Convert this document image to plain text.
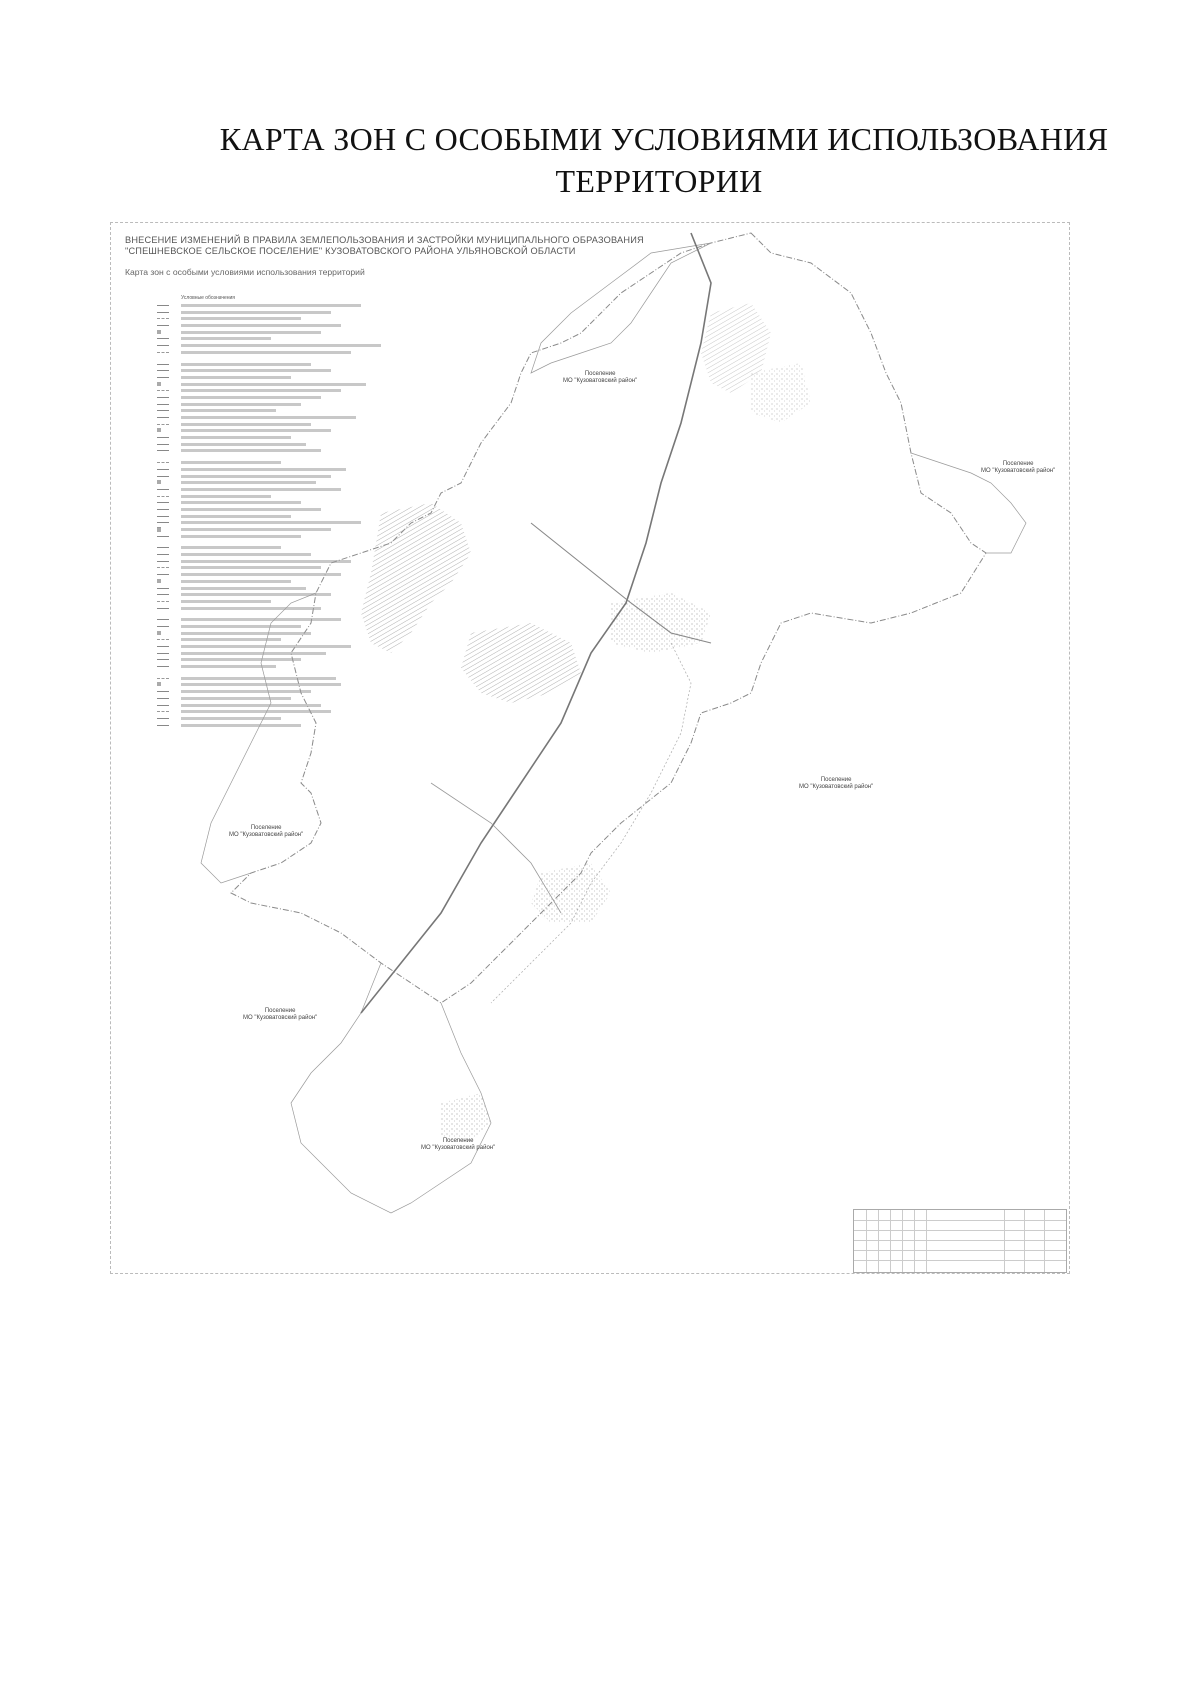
КАРТА ЗОН С ОСОБЫМИ УСЛОВИЯМИ ИСПОЛЬЗОВАНИЯ
ТЕРРИТОРИИ
ВНЕСЕНИЕ ИЗМЕНЕНИЙ В ПРАВИЛА ЗЕМЛЕПОЛЬЗОВАНИЯ И ЗАСТРОЙКИ МУНИЦИПАЛЬНОГО ОБРАЗОВАНИЯ
"СПЕШНЕВСКОЕ СЕЛЬСКОЕ ПОСЕЛЕНИЕ" КУЗОВАТОВСКОГО РАЙОНА УЛЬЯНОВСКОЙ ОБЛАСТИ
Карта зон с особыми условиями использования территорий
Условные обозначения
Поселение
МО "Кузоватовский район"
Поселение
МО "Кузоватовский район"
Поселение
МО "Кузоватовский район"
Поселение
МО "Кузоватовский район"
Поселение
МО "Кузоватовский район"
Поселение
МО "Кузоватовский район"
